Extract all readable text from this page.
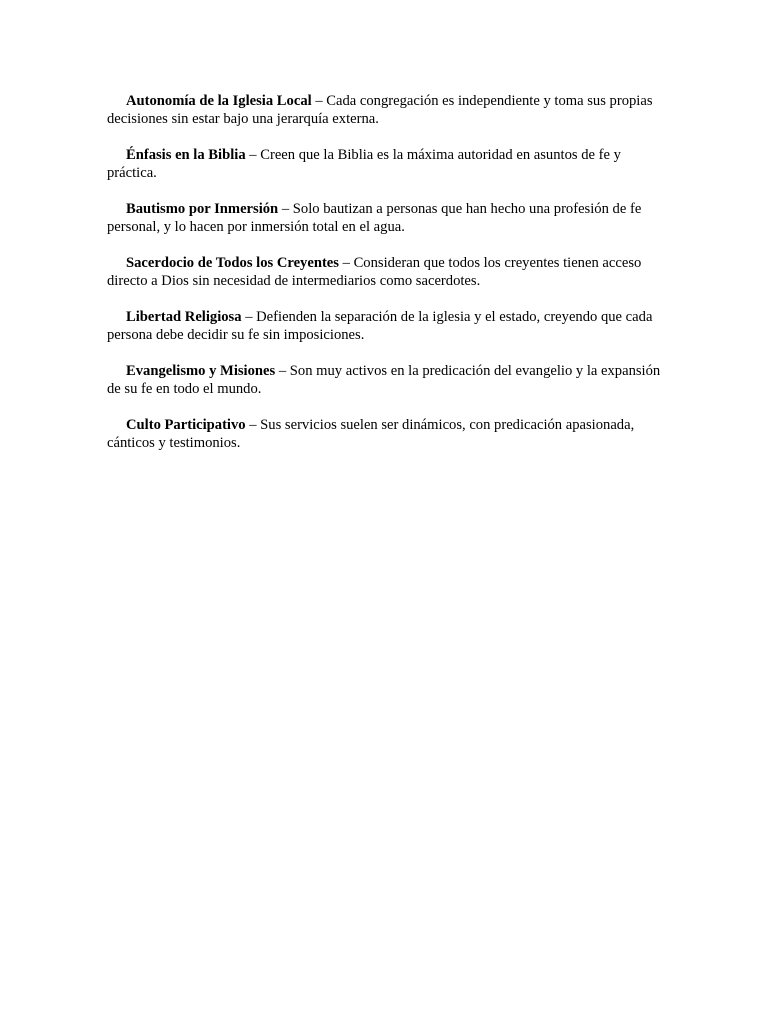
Autonomía de la Iglesia Local – Cada congregación es independiente y toma sus propias decisiones sin estar bajo una jerarquía externa.

Énfasis en la Biblia – Creen que la Biblia es la máxima autoridad en asuntos de fe y práctica.

Bautismo por Inmersión – Solo bautizan a personas que han hecho una profesión de fe personal, y lo hacen por inmersión total en el agua.

Sacerdocio de Todos los Creyentes – Consideran que todos los creyentes tienen acceso directo a Dios sin necesidad de intermediarios como sacerdotes.

Libertad Religiosa – Defienden la separación de la iglesia y el estado, creyendo que cada persona debe decidir su fe sin imposiciones.

Evangelismo y Misiones – Son muy activos en la predicación del evangelio y la expansión de su fe en todo el mundo.

Culto Participativo – Sus servicios suelen ser dinámicos, con predicación apasionada, cánticos y testimonios.
